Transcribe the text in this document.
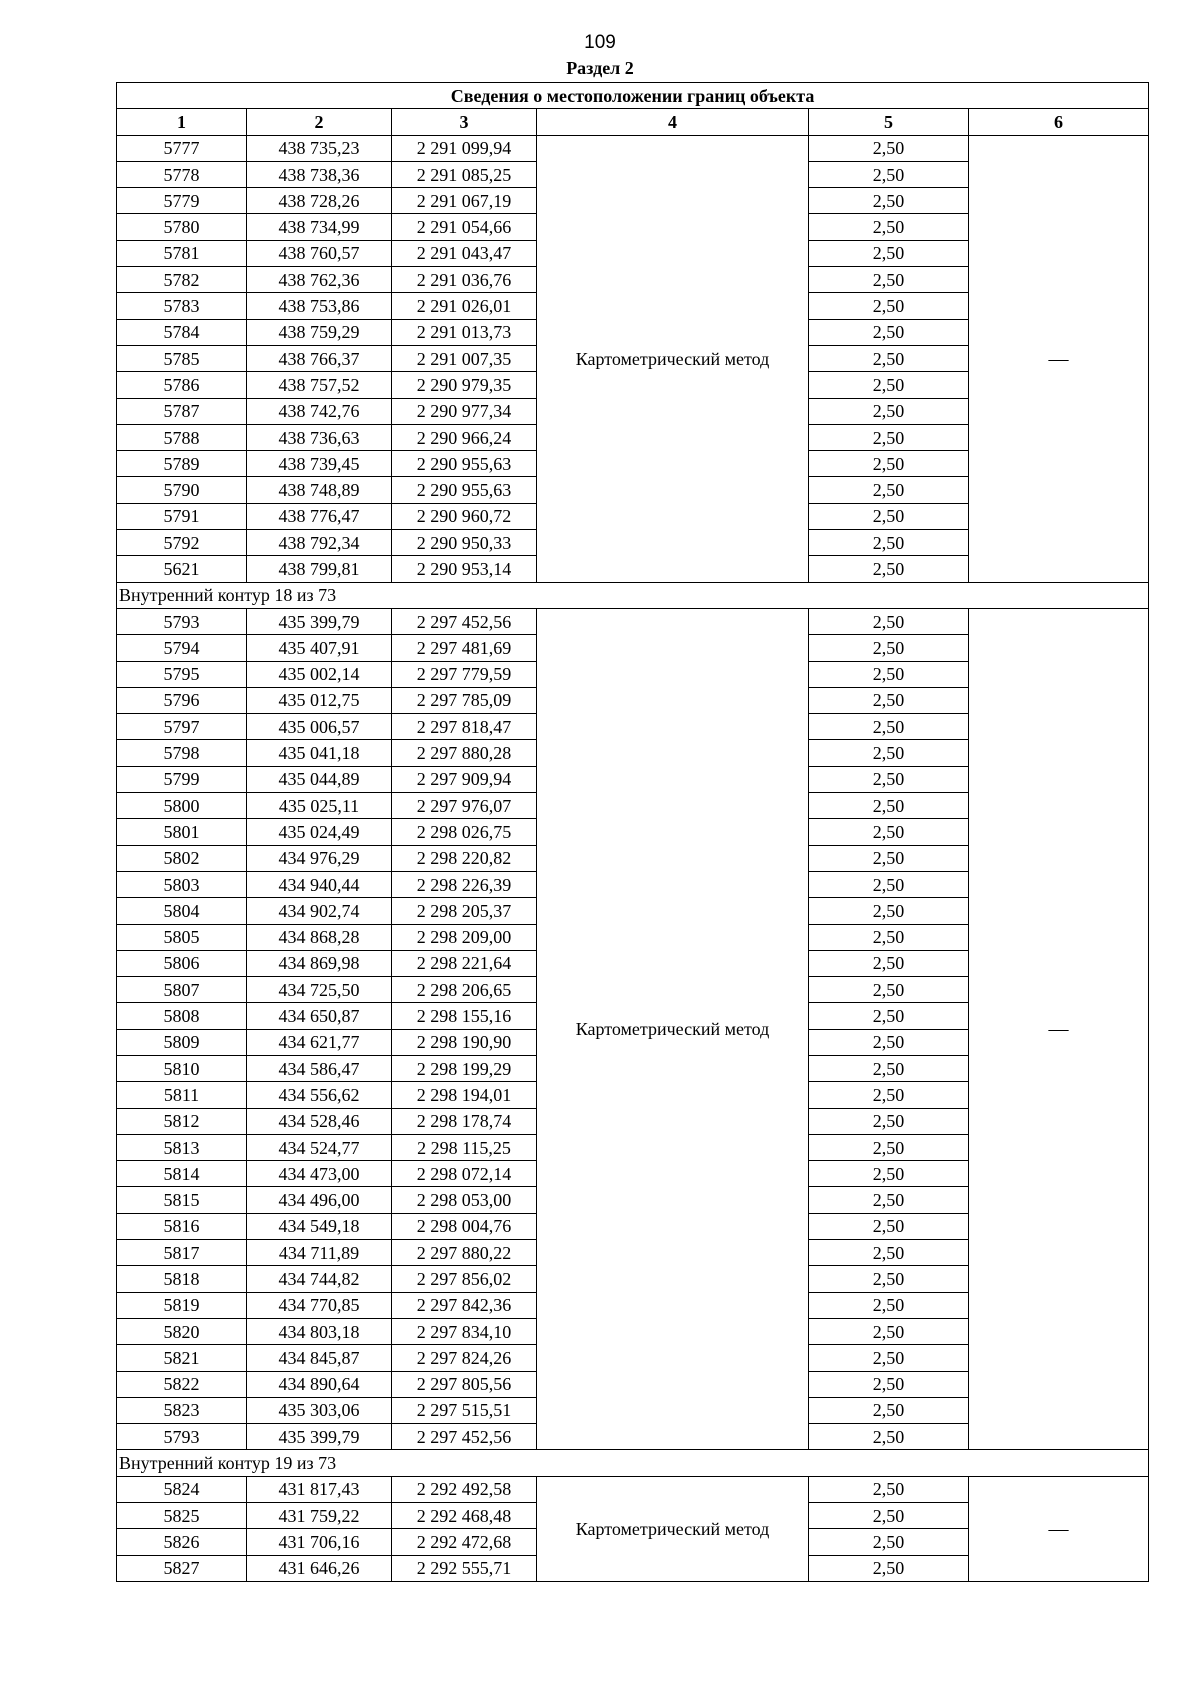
109
Раздел 2
Сведения о местоположении границ объекта					
1	2	3	4	5	6
5777	438 735,23	2 291 099,94	Картометрический метод	2,50	—
5778	438 738,36	2 291 085,25		2,50	
5779	438 728,26	2 291 067,19		2,50	
5780	438 734,99	2 291 054,66		2,50	
5781	438 760,57	2 291 043,47		2,50	
5782	438 762,36	2 291 036,76		2,50	
5783	438 753,86	2 291 026,01		2,50	
5784	438 759,29	2 291 013,73		2,50	
5785	438 766,37	2 291 007,35		2,50	
5786	438 757,52	2 290 979,35		2,50	
5787	438 742,76	2 290 977,34		2,50	
5788	438 736,63	2 290 966,24		2,50	
5789	438 739,45	2 290 955,63		2,50	
5790	438 748,89	2 290 955,63		2,50	
5791	438 776,47	2 290 960,72		2,50	
5792	438 792,34	2 290 950,33		2,50	
5621	438 799,81	2 290 953,14		2,50	
Внутренний контур 18 из 73					
5793	435 399,79	2 297 452,56	Картометрический метод	2,50	—
5794	435 407,91	2 297 481,69		2,50	
5795	435 002,14	2 297 779,59		2,50	
5796	435 012,75	2 297 785,09		2,50	
5797	435 006,57	2 297 818,47		2,50	
5798	435 041,18	2 297 880,28		2,50	
5799	435 044,89	2 297 909,94		2,50	
5800	435 025,11	2 297 976,07		2,50	
5801	435 024,49	2 298 026,75		2,50	
5802	434 976,29	2 298 220,82		2,50	
5803	434 940,44	2 298 226,39		2,50	
5804	434 902,74	2 298 205,37		2,50	
5805	434 868,28	2 298 209,00		2,50	
5806	434 869,98	2 298 221,64		2,50	
5807	434 725,50	2 298 206,65		2,50	
5808	434 650,87	2 298 155,16		2,50	
5809	434 621,77	2 298 190,90		2,50	
5810	434 586,47	2 298 199,29		2,50	
5811	434 556,62	2 298 194,01		2,50	
5812	434 528,46	2 298 178,74		2,50	
5813	434 524,77	2 298 115,25		2,50	
5814	434 473,00	2 298 072,14		2,50	
5815	434 496,00	2 298 053,00		2,50	
5816	434 549,18	2 298 004,76		2,50	
5817	434 711,89	2 297 880,22		2,50	
5818	434 744,82	2 297 856,02		2,50	
5819	434 770,85	2 297 842,36		2,50	
5820	434 803,18	2 297 834,10		2,50	
5821	434 845,87	2 297 824,26		2,50	
5822	434 890,64	2 297 805,56		2,50	
5823	435 303,06	2 297 515,51		2,50	
5793	435 399,79	2 297 452,56		2,50	
Внутренний контур 19 из 73					
5824	431 817,43	2 292 492,58	Картометрический метод	2,50	—
5825	431 759,22	2 292 468,48		2,50	
5826	431 706,16	2 292 472,68		2,50	
5827	431 646,26	2 292 555,71		2,50	
